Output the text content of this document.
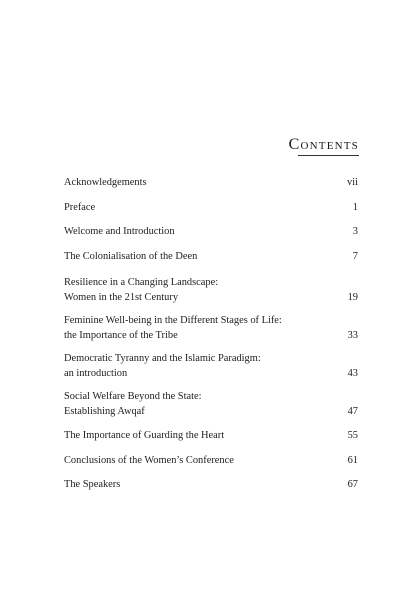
Contents
Acknowledgements	vii
Preface	1
Welcome and Introduction	3
The Colonialisation of the Deen	7
Resilience in a Changing Landscape:
Women in the 21st Century	19
Feminine Well-being in the Different Stages of Life:
the Importance of the Tribe	33
Democratic Tyranny and the Islamic Paradigm:
an introduction	43
Social Welfare Beyond the State:
Establishing Awqaf	47
The Importance of Guarding the Heart	55
Conclusions of the Women’s Conference	61
The Speakers	67
